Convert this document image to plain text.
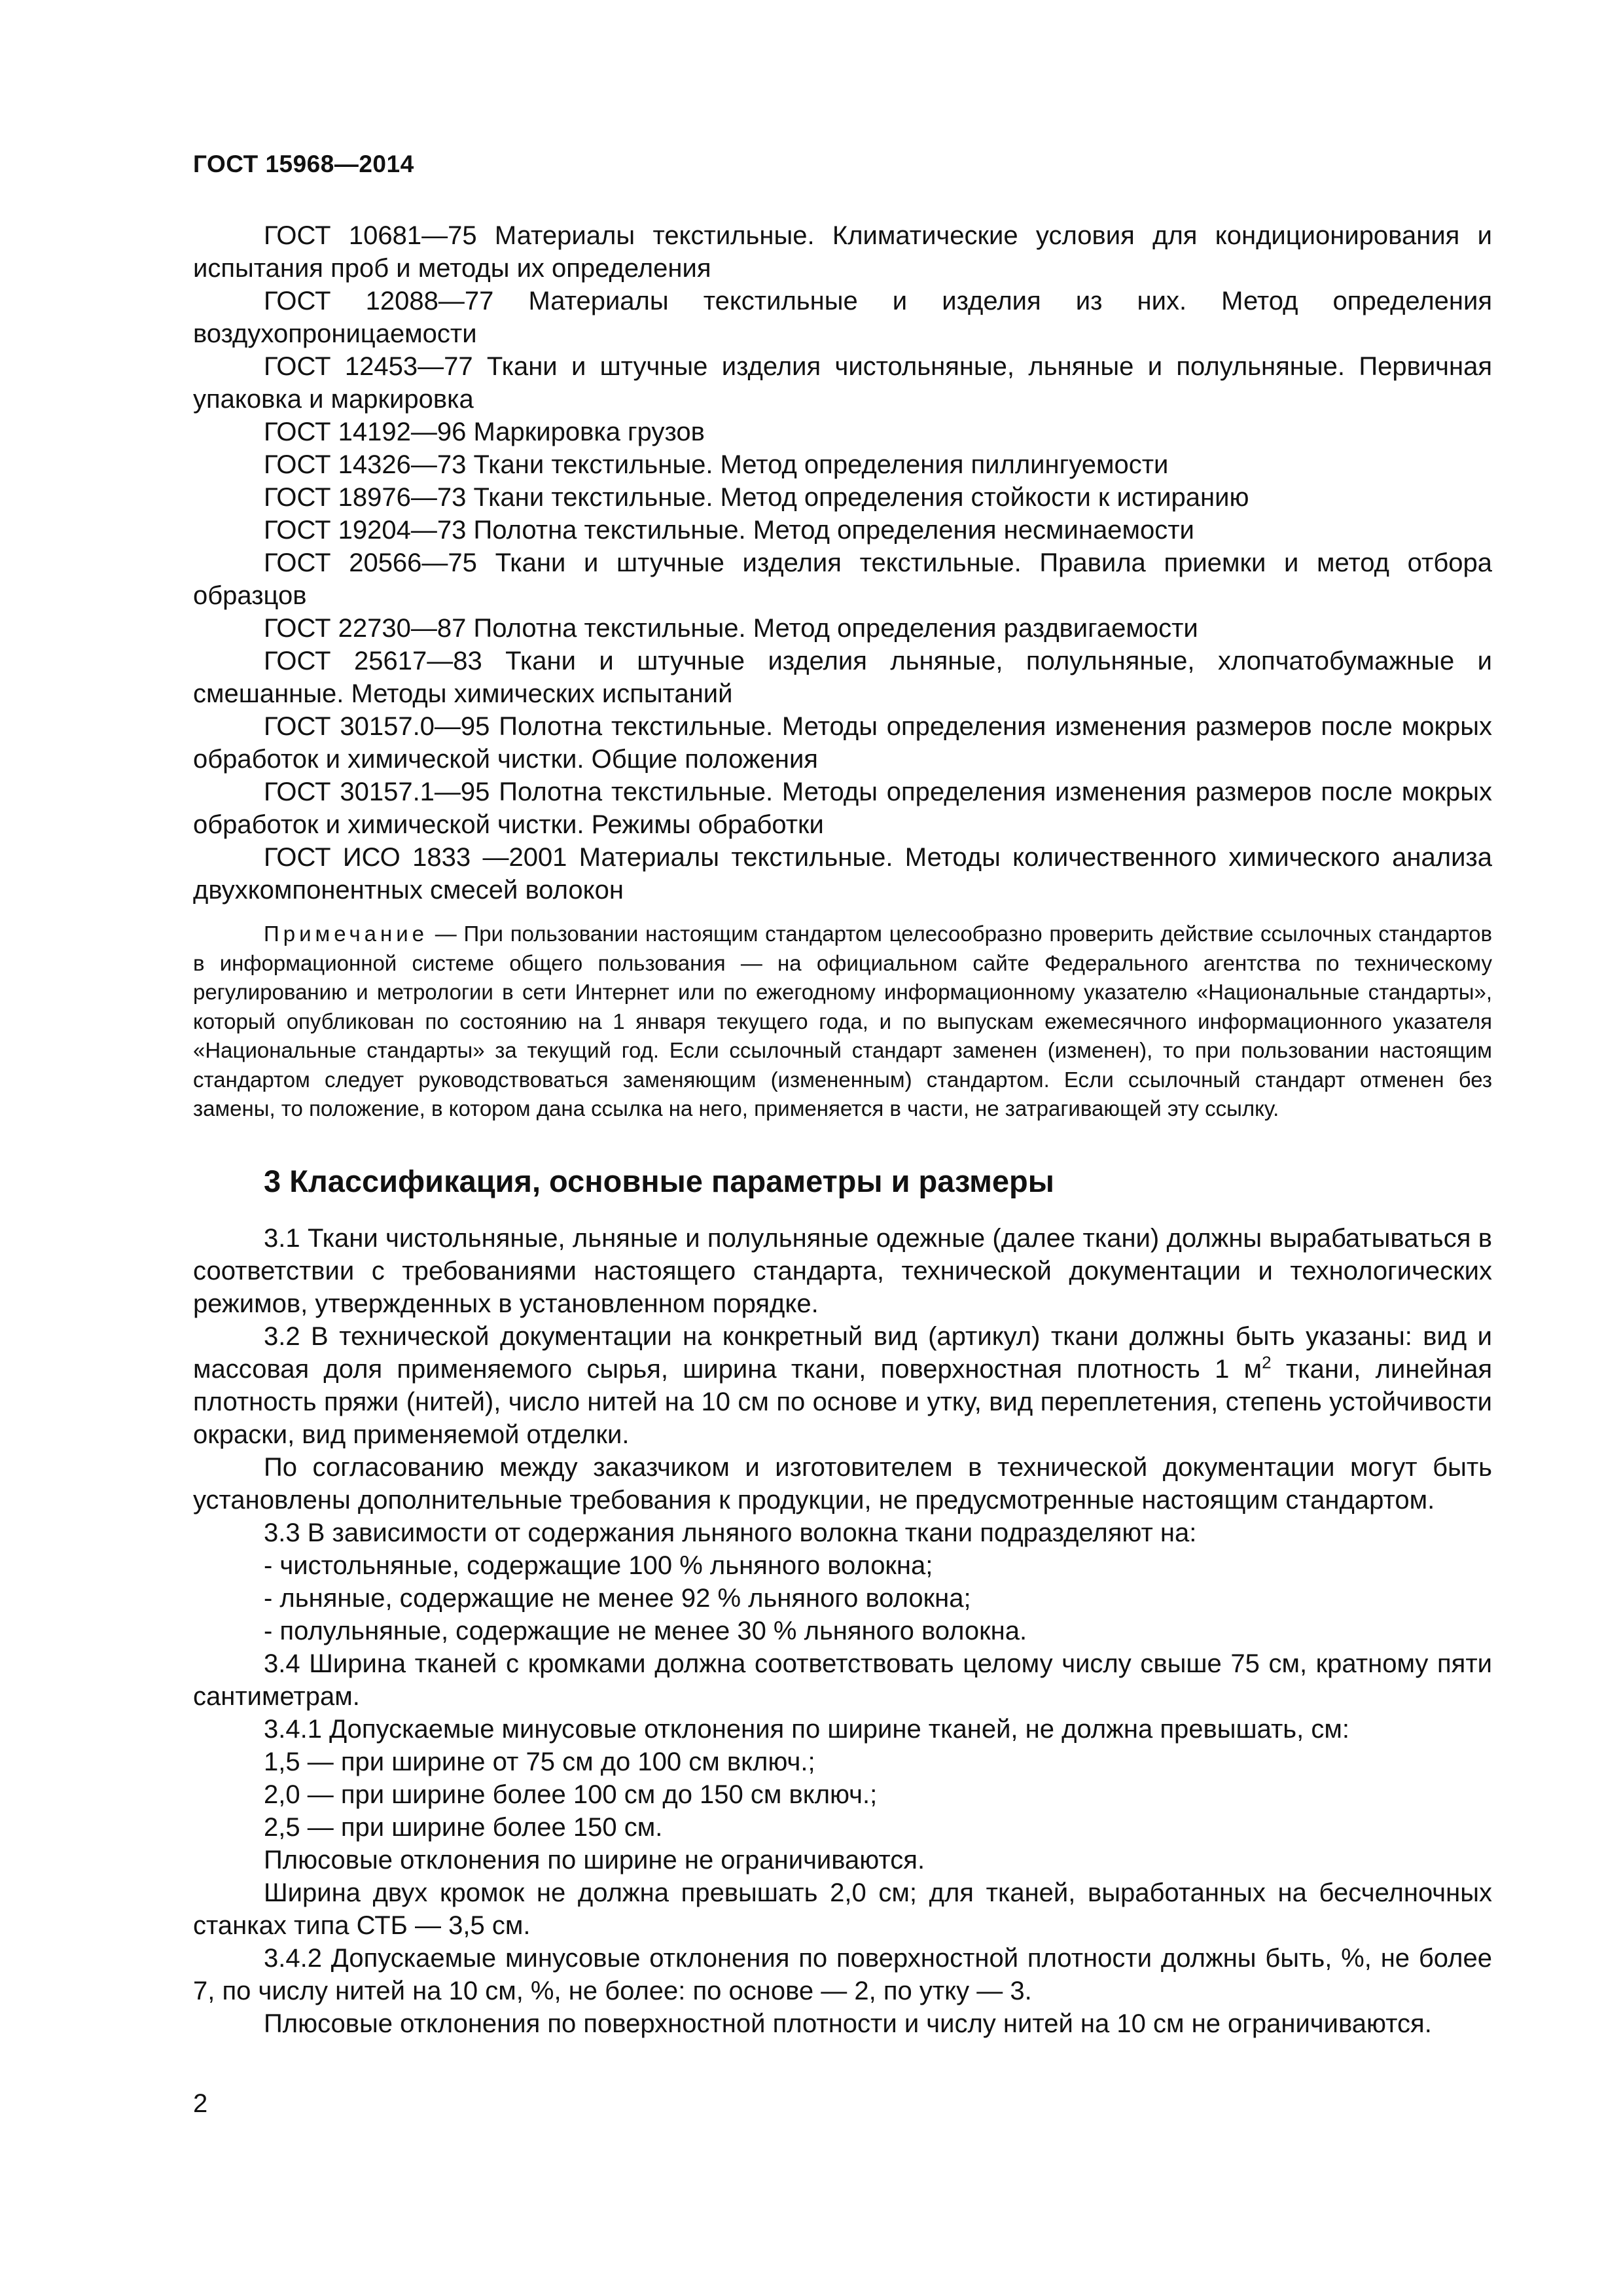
ГОСТ 15968—2014

ГОСТ 10681—75 Материалы текстильные. Климатические условия для кондиционирования и испытания проб и методы их определения

ГОСТ 12088—77 Материалы текстильные и изделия из них. Метод определения воздухопроницаемости

ГОСТ 12453—77 Ткани и штучные изделия чистольняные, льняные и полульняные. Первичная упаковка и маркировка

ГОСТ 14192—96 Маркировка грузов

ГОСТ 14326—73 Ткани текстильные. Метод определения пиллингуемости

ГОСТ 18976—73 Ткани текстильные. Метод определения стойкости к истиранию

ГОСТ 19204—73 Полотна текстильные. Метод определения несминаемости

ГОСТ 20566—75 Ткани и штучные изделия текстильные. Правила приемки и метод отбора образцов

ГОСТ 22730—87 Полотна текстильные. Метод определения раздвигаемости

ГОСТ 25617—83 Ткани и штучные изделия льняные, полульняные, хлопчатобумажные и смешанные. Методы химических испытаний

ГОСТ 30157.0—95 Полотна текстильные. Методы определения изменения размеров после мокрых обработок и химической чистки. Общие положения

ГОСТ 30157.1—95 Полотна текстильные. Методы определения изменения размеров после мокрых обработок и химической чистки. Режимы обработки

ГОСТ ИСО 1833 —2001 Материалы текстильные. Методы количественного химического анализа двухкомпонентных смесей волокон

Примечание — При пользовании настоящим стандартом целесообразно проверить действие ссылочных стандартов в информационной системе общего пользования — на официальном сайте Федерального агентства по техническому регулированию и метрологии в сети Интернет или по ежегодному информационному указателю «Национальные стандарты», который опубликован по состоянию на 1 января текущего года, и по выпускам ежемесячного информационного указателя «Национальные стандарты» за текущий год. Если ссылочный стандарт заменен (изменен), то при пользовании настоящим стандартом следует руководствоваться заменяющим (измененным) стандартом. Если ссылочный стандарт отменен без замены, то положение, в котором дана ссылка на него, применяется в части, не затрагивающей эту ссылку.

3 Классификация, основные параметры и размеры

3.1 Ткани чистольняные, льняные и полульняные одежные (далее ткани) должны вырабатываться в соответствии с требованиями настоящего стандарта, технической документации и технологических режимов, утвержденных в установленном порядке.

3.2 В технической документации на конкретный вид (артикул) ткани должны быть указаны: вид и массовая доля применяемого сырья, ширина ткани, поверхностная плотность 1 $м^2$ ткани, линейная плотность пряжи (нитей), число нитей на 10 см по основе и утку, вид переплетения, степень устойчивости окраски, вид применяемой отделки.

По согласованию между заказчиком и изготовителем в технической документации могут быть установлены дополнительные требования к продукции, не предусмотренные настоящим стандартом.

3.3 В зависимости от содержания льняного волокна ткани подразделяют на:

- чистольняные, содержащие 100 % льняного волокна;

- льняные, содержащие не менее 92 % льняного волокна;

- полульняные, содержащие не менее 30 % льняного волокна.

3.4 Ширина тканей с кромками должна соответствовать целому числу свыше 75 см, кратному пяти сантиметрам.

3.4.1 Допускаемые минусовые отклонения по ширине тканей, не должна превышать, см:

1,5 — при ширине от 75 см до 100 см включ.;

2,0 — при ширине более 100 см до 150 см включ.;

2,5 — при ширине более 150 см.

Плюсовые отклонения по ширине не ограничиваются.

Ширина двух кромок не должна превышать 2,0 см; для тканей, выработанных на бесчелночных станках типа СТБ — 3,5 см.

3.4.2 Допускаемые минусовые отклонения по поверхностной плотности должны быть, %, не более 7, по числу нитей на 10 см, %, не более: по основе — 2, по утку — 3.

Плюсовые отклонения по поверхностной плотности и числу нитей на 10 см не ограничиваются.

2
